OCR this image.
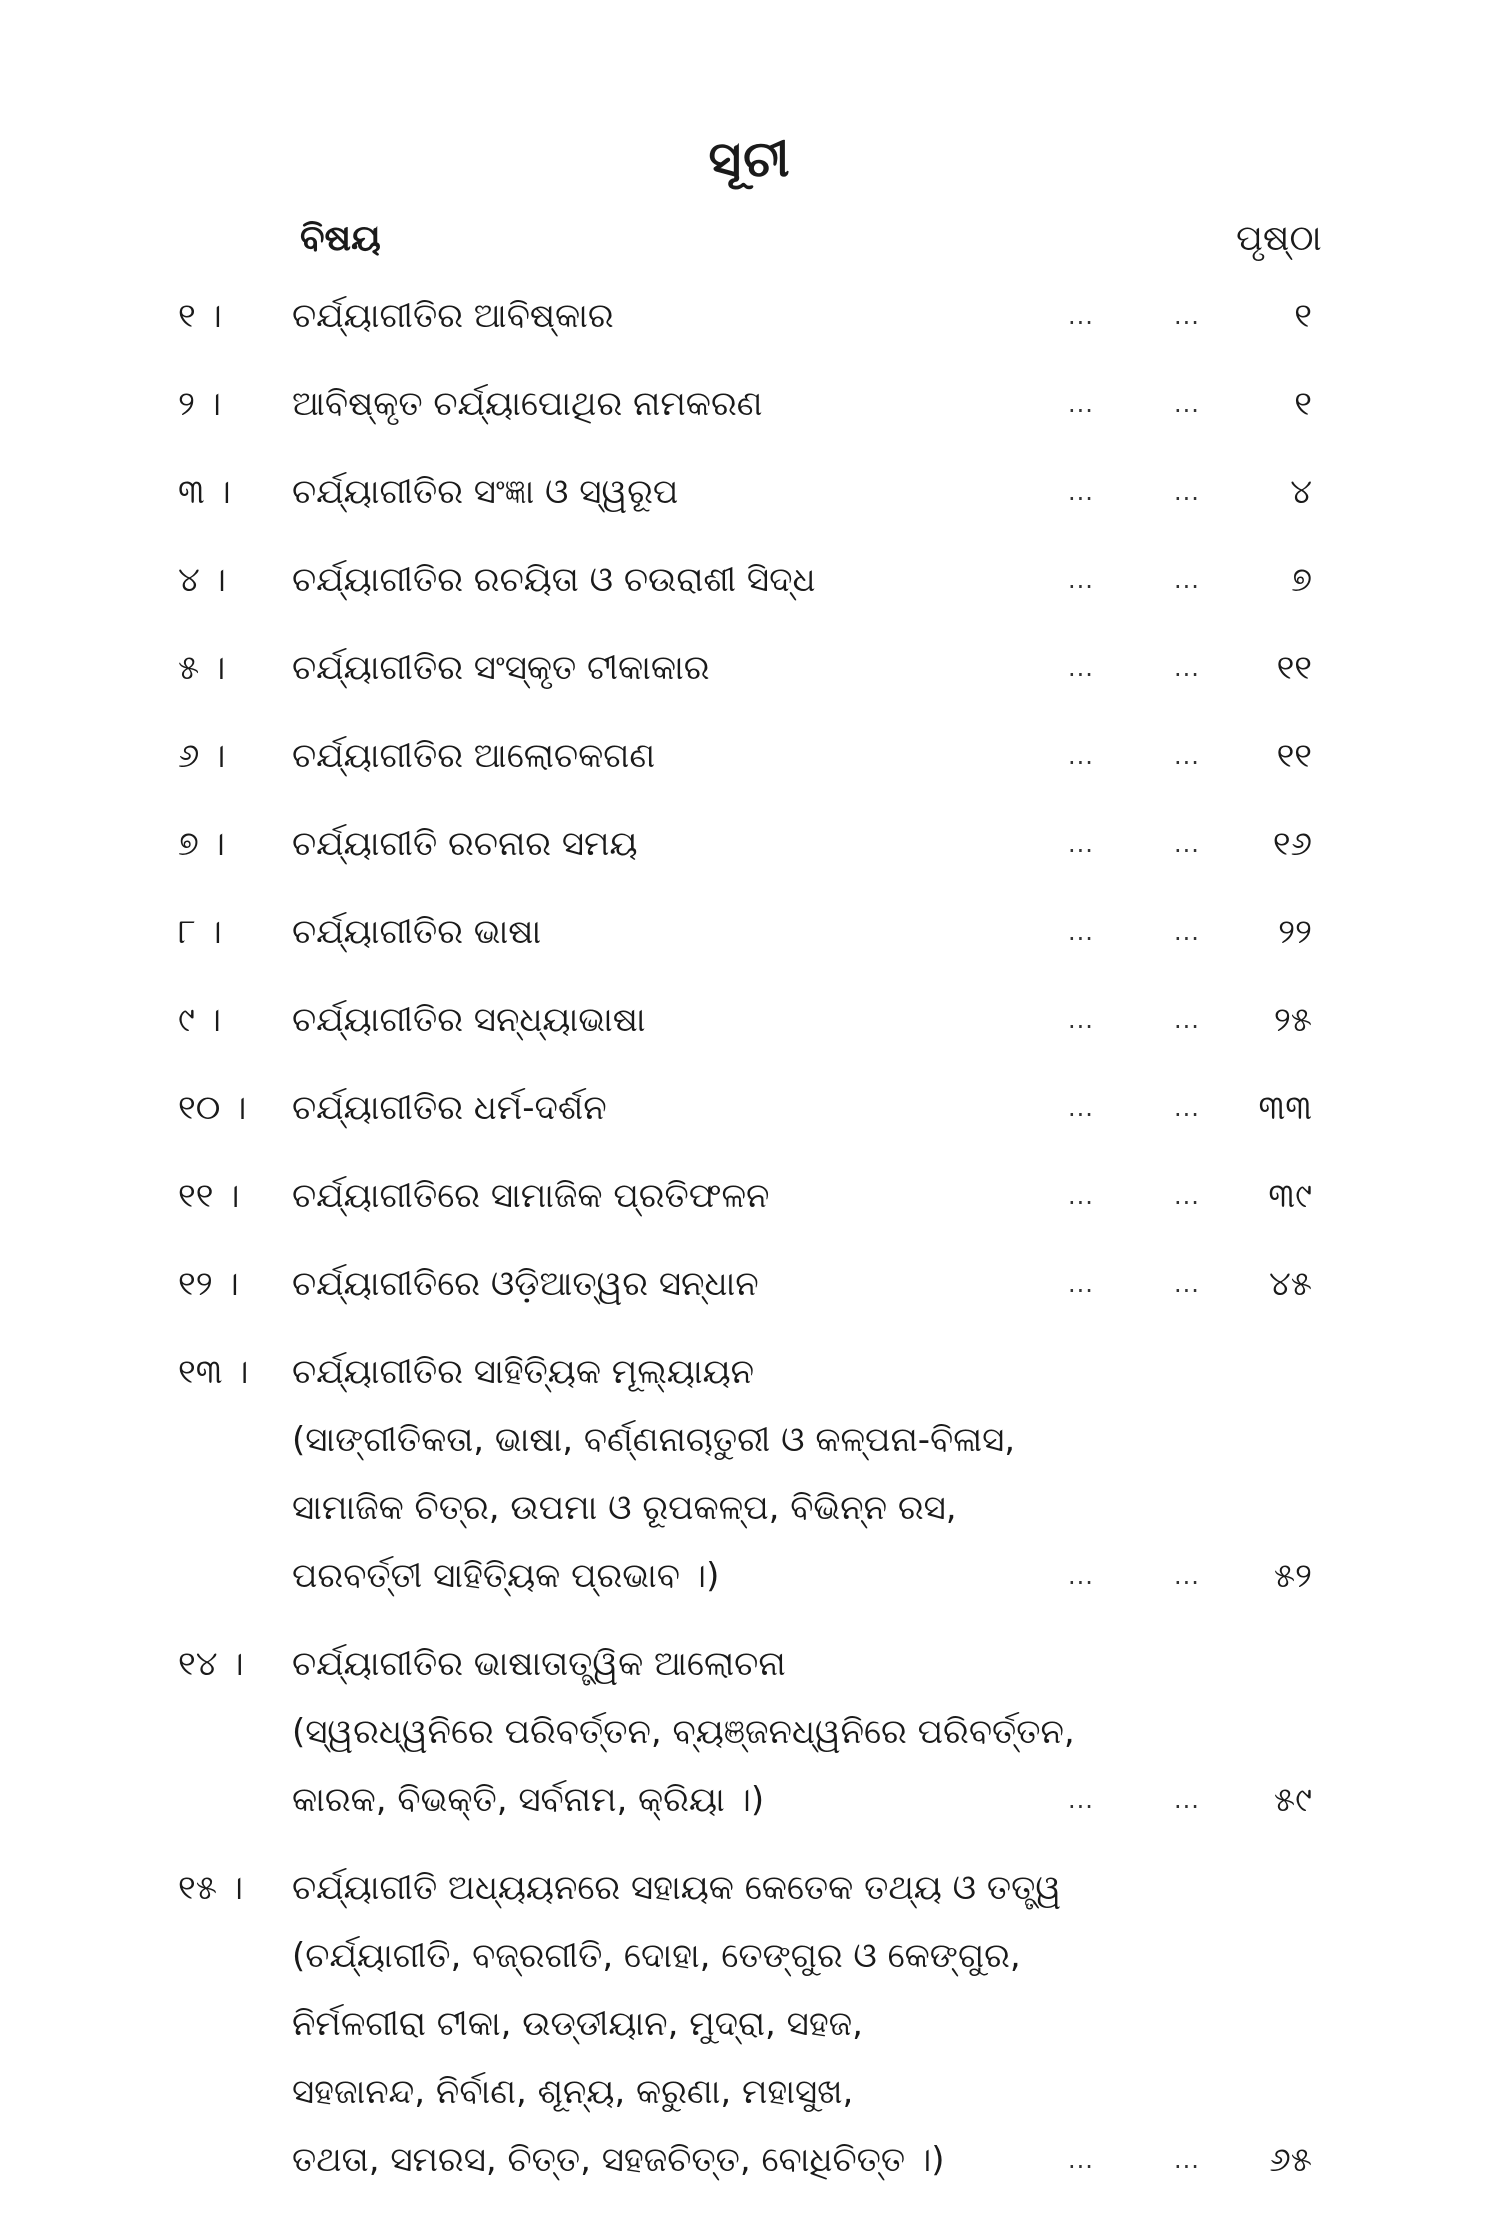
ସୂଚୀ
ବିଷୟ	ପୃଷ୍ଠା
୧ ।	ଚର୍ଯ୍ୟାଗୀତିର ଆବିଷ୍କାର	...	...	୧
୨ ।	ଆବିଷ୍କୃତ ଚର୍ଯ୍ୟାପୋଥିର ନାମକରଣ	...	...	୧
୩ ।	ଚର୍ଯ୍ୟାଗୀତିର ସଂଜ୍ଞା ଓ ସ୍ୱରୂପ	...	...	୪
୪ ।	ଚର୍ଯ୍ୟାଗୀତିର ରଚୟିତା ଓ ଚଉରାଶୀ ସିଦ୍ଧ	...	...	୭
୫ ।	ଚର୍ଯ୍ୟାଗୀତିର ସଂସ୍କୃତ ଟୀକାକାର	...	...	୧୧
୬ ।	ଚର୍ଯ୍ୟାଗୀତିର ଆଲୋଚକଗଣ	...	...	୧୧
୭ ।	ଚର୍ଯ୍ୟାଗୀତି ରଚନାର ସମୟ	...	...	୧୬
୮ ।	ଚର୍ଯ୍ୟାଗୀତିର ଭାଷା	...	...	୨୨
୯ ।	ଚର୍ଯ୍ୟାଗୀତିର ସନ୍ଧ୍ୟାଭାଷା	...	...	୨୫
୧୦ ।	ଚର୍ଯ୍ୟାଗୀତିର ଧର୍ମ-ଦର୍ଶନ	...	... ୩୩
୧୧ ।	ଚର୍ଯ୍ୟାଗୀତିରେ ସାମାଜିକ ପ୍ରତିଫଳନ	...	...	୩୯
୧୨ ।	ଚର୍ଯ୍ୟାଗୀତିରେ ଓଡ଼ିଆତ୍ୱର ସନ୍ଧାନ	...	...	୪୫
୧୩ ।	ଚର୍ଯ୍ୟାଗୀତିର ସାହିତ୍ୟିକ ମୂଲ୍ୟାୟନ
(ସାଙ୍ଗୀତିକତା, ଭାଷା, ବର୍ଣ୍ଣନାଚାତୁରୀ ଓ କଳ୍ପନା-ବିଳାସ,
ସାମାଜିକ ଚିତ୍ର, ଉପମା ଓ ରୂପକଳ୍ପ, ବିଭିନ୍ନ ରସ,
ପରବର୍ତ୍ତୀ ସାହିତ୍ୟିକ ପ୍ରଭାବ ।)	...	...	୫୨
୧୪ ।	ଚର୍ଯ୍ୟାଗୀତିର ଭାଷାତାତ୍ତ୍ୱିକ ଆଲୋଚନା
(ସ୍ୱରଧ୍ୱନିରେ ପରିବର୍ତ୍ତନ, ବ୍ୟଞ୍ଜନଧ୍ୱନିରେ ପରିବର୍ତ୍ତନ,
କାରକ, ବିଭକ୍ତି, ସର୍ବନାମ, କ୍ରିୟା ।)	...	...	୫୯
୧୫ ।	ଚର୍ଯ୍ୟାଗୀତି ଅଧ୍ୟୟନରେ ସହାୟକ କେତେକ ତଥ୍ୟ ଓ ତତ୍ତ୍ୱ
(ଚର୍ଯ୍ୟାଗୀତି, ବଜ୍ରଗୀତି, ଦୋହା, ତେଙ୍ଗୁର ଓ କେଙ୍ଗୁର,
ନିର୍ମଳଗୀରା ଟୀକା, ଉଡ୍ଡୀୟାନ, ମୁଦ୍ରା, ସହଜ,
ସହଜାନନ୍ଦ, ନିର୍ବାଣ, ଶୂନ୍ୟ, କରୁଣା, ମହାସୁଖ,
ତଥତା, ସମରସ, ଚିତ୍ତ, ସହଜଚିତ୍ତ, ବୋଧିଚିତ୍ତ ।)	...	...	୬୫
